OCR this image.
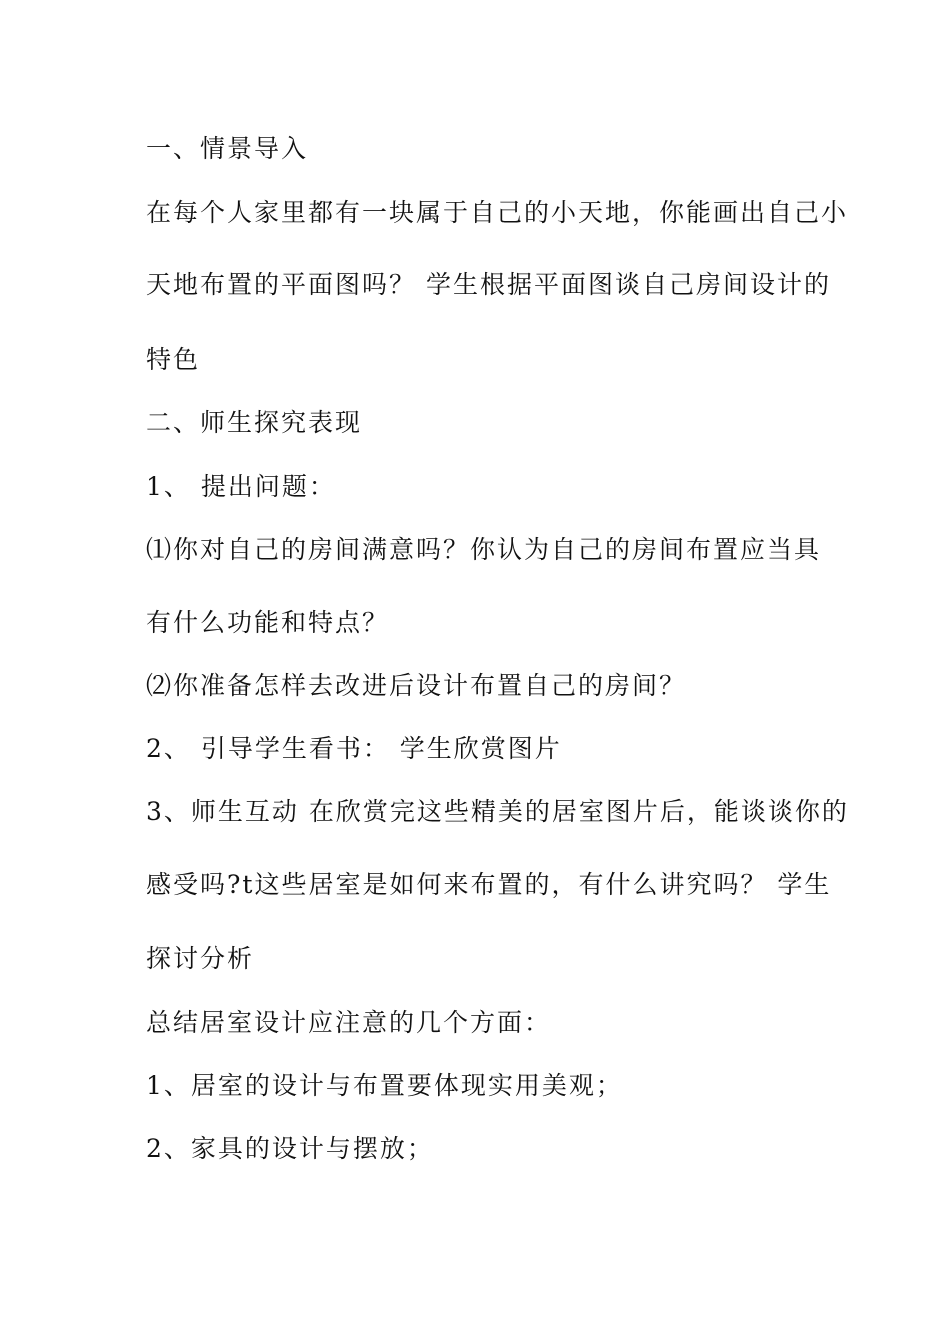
一、情景导入
在每个人家里都有一块属于自己的小天地，你能画出自己小
天地布置的平面图吗？ 学生根据平面图谈自己房间设计的
特色
二、师生探究表现
1、 提出问题：
⑴你对自己的房间满意吗？你认为自己的房间布置应当具
有什么功能和特点？
⑵你准备怎样去改进后设计布置自己的房间？
2、 引导学生看书： 学生欣赏图片
3、师生互动 在欣赏完这些精美的居室图片后，能谈谈你的
感受吗?t这些居室是如何来布置的，有什么讲究吗？ 学生
探讨分析
总结居室设计应注意的几个方面：
1、居室的设计与布置要体现实用美观；
2、家具的设计与摆放；
